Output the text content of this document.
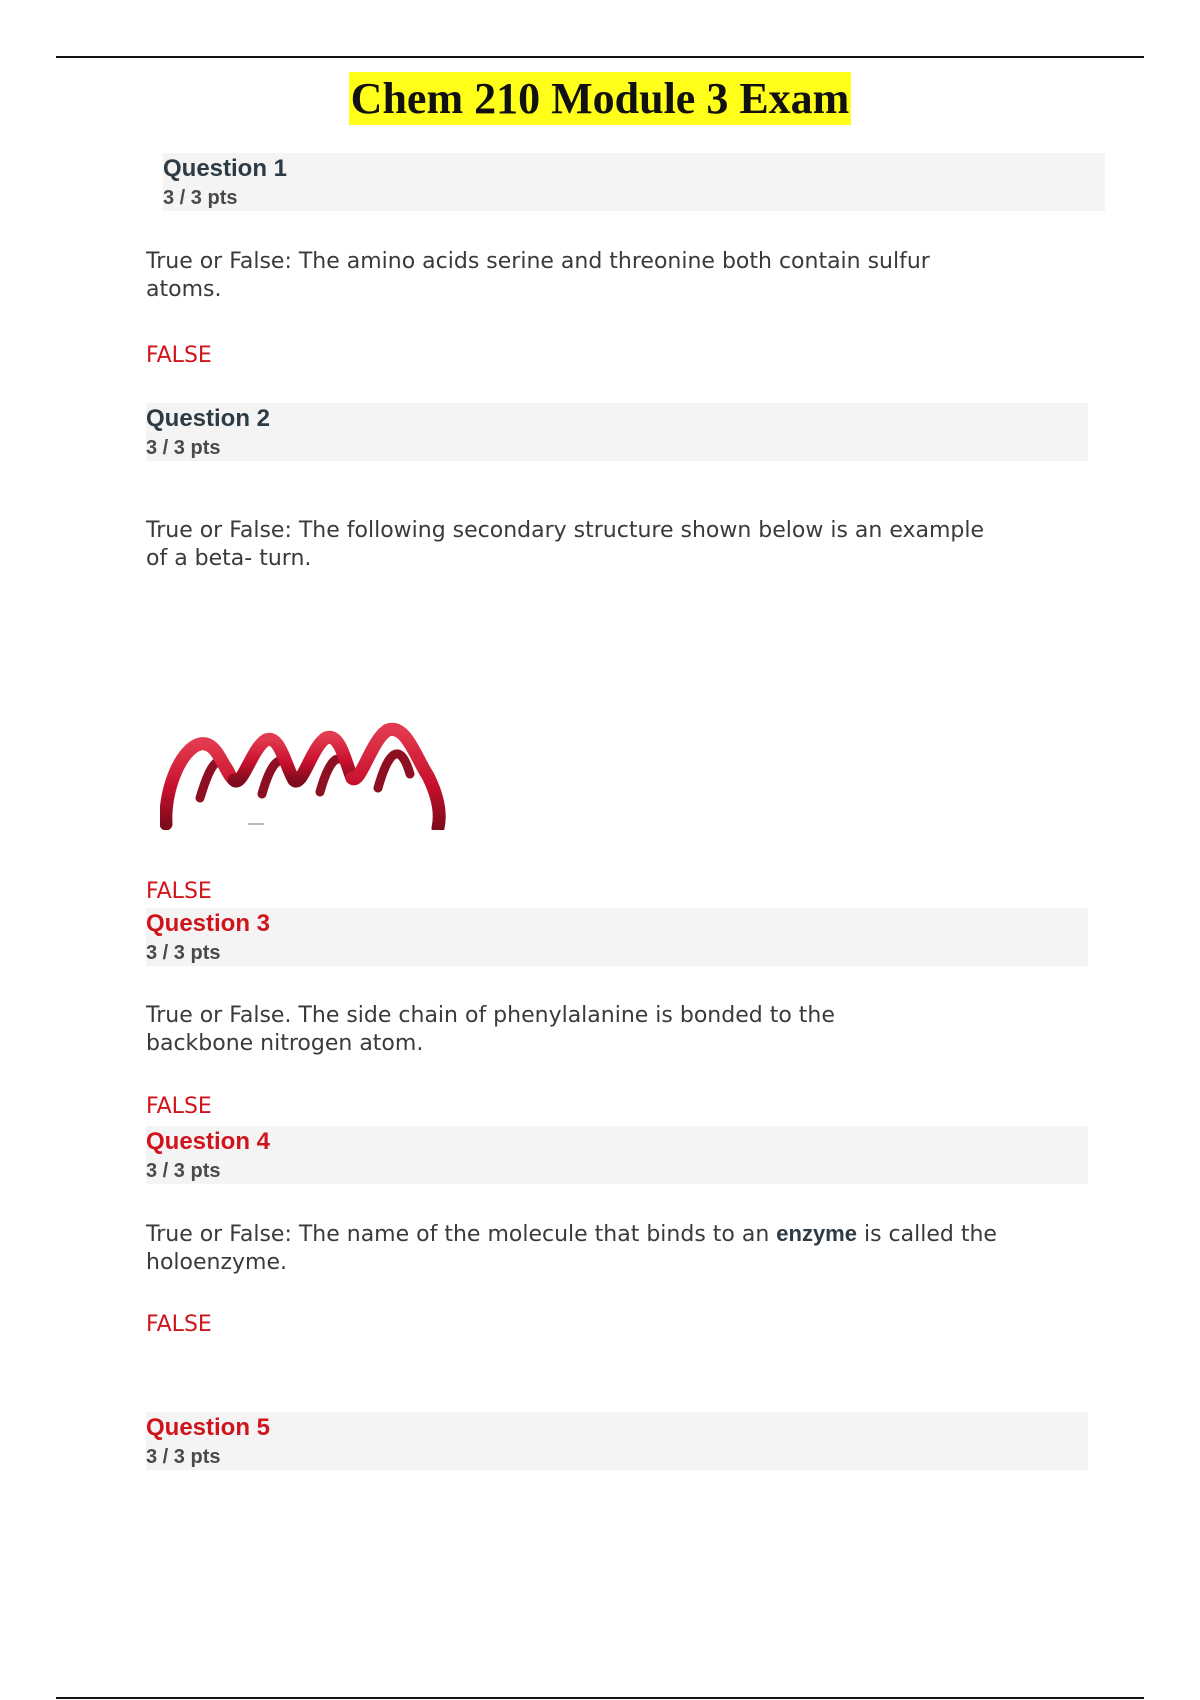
Chem 210 Module 3 Exam
Question 1
3 / 3 pts
True or False: The amino acids serine and threonine both contain sulfur
atoms.
FALSE
Question 2
3 / 3 pts
True or False: The following secondary structure shown below is an example
of a beta- turn.
FALSE
Question 3
3 / 3 pts
True or False. The side chain of phenylalanine is bonded to the
backbone nitrogen atom.
FALSE
Question 4
3 / 3 pts
True or False: The name of the molecule that binds to an enzyme is called the
holoenzyme.
FALSE
Question 5
3 / 3 pts
